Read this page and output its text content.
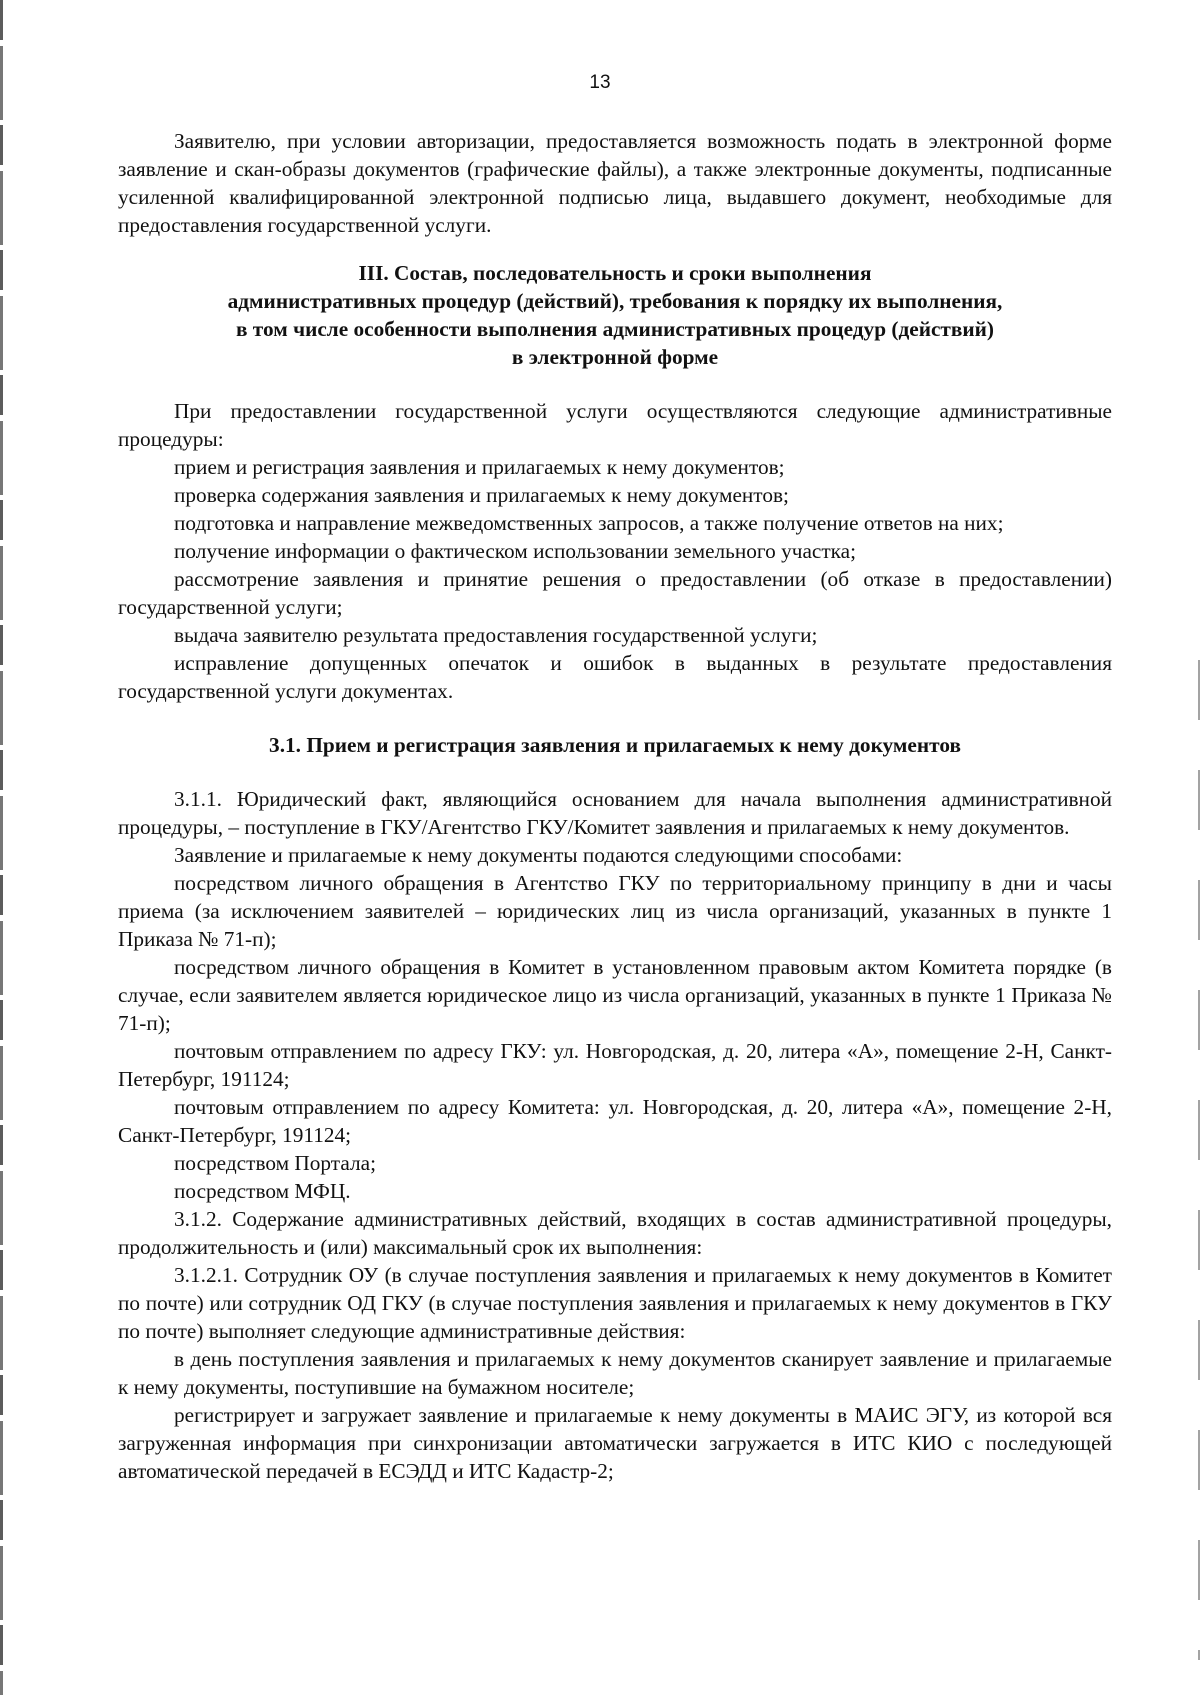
13

Заявителю, при условии авторизации, предоставляется возможность подать в электронной форме заявление и скан-образы документов (графические файлы), а также электронные документы, подписанные усиленной квалифицированной электронной подписью лица, выдавшего документ, необходимые для предоставления государственной услуги.

III. Состав, последовательность и сроки выполнения
административных процедур (действий), требования к порядку их выполнения,
в том числе особенности выполнения административных процедур (действий)
в электронной форме

При предоставлении государственной услуги осуществляются следующие административные процедуры:

прием и регистрация заявления и прилагаемых к нему документов;

проверка содержания заявления и прилагаемых к нему документов;

подготовка и направление межведомственных запросов, а также получение ответов на них;

получение информации о фактическом использовании земельного участка;

рассмотрение заявления и принятие решения о предоставлении (об отказе в предоставлении) государственной услуги;

выдача заявителю результата предоставления государственной услуги;

исправление допущенных опечаток и ошибок в выданных в результате предоставления государственной услуги документах.

3.1. Прием и регистрация заявления и прилагаемых к нему документов

3.1.1. Юридический факт, являющийся основанием для начала выполнения административной процедуры, – поступление в ГКУ/Агентство ГКУ/Комитет заявления и прилагаемых к нему документов.

Заявление и прилагаемые к нему документы подаются следующими способами:

посредством личного обращения в Агентство ГКУ по территориальному принципу в дни и часы приема (за исключением заявителей – юридических лиц из числа организаций, указанных в пункте 1 Приказа № 71-п);

посредством личного обращения в Комитет в установленном правовым актом Комитета порядке (в случае, если заявителем является юридическое лицо из числа организаций, указанных в пункте 1 Приказа № 71-п);

почтовым отправлением по адресу ГКУ: ул. Новгородская, д. 20, литера «А», помещение 2-Н, Санкт-Петербург, 191124;

почтовым отправлением по адресу Комитета: ул. Новгородская, д. 20, литера «А», помещение 2-Н, Санкт-Петербург, 191124;

посредством Портала;

посредством МФЦ.

3.1.2. Содержание административных действий, входящих в состав административной процедуры, продолжительность и (или) максимальный срок их выполнения:

3.1.2.1. Сотрудник ОУ (в случае поступления заявления и прилагаемых к нему документов в Комитет по почте) или сотрудник ОД ГКУ (в случае поступления заявления и прилагаемых к нему документов в ГКУ по почте) выполняет следующие административные действия:

в день поступления заявления и прилагаемых к нему документов сканирует заявление и прилагаемые к нему документы, поступившие на бумажном носителе;

регистрирует и загружает заявление и прилагаемые к нему документы в МАИС ЭГУ, из которой вся загруженная информация при синхронизации автоматически загружается в ИТС КИО с последующей автоматической передачей в ЕСЭДД и ИТС Кадастр-2;
